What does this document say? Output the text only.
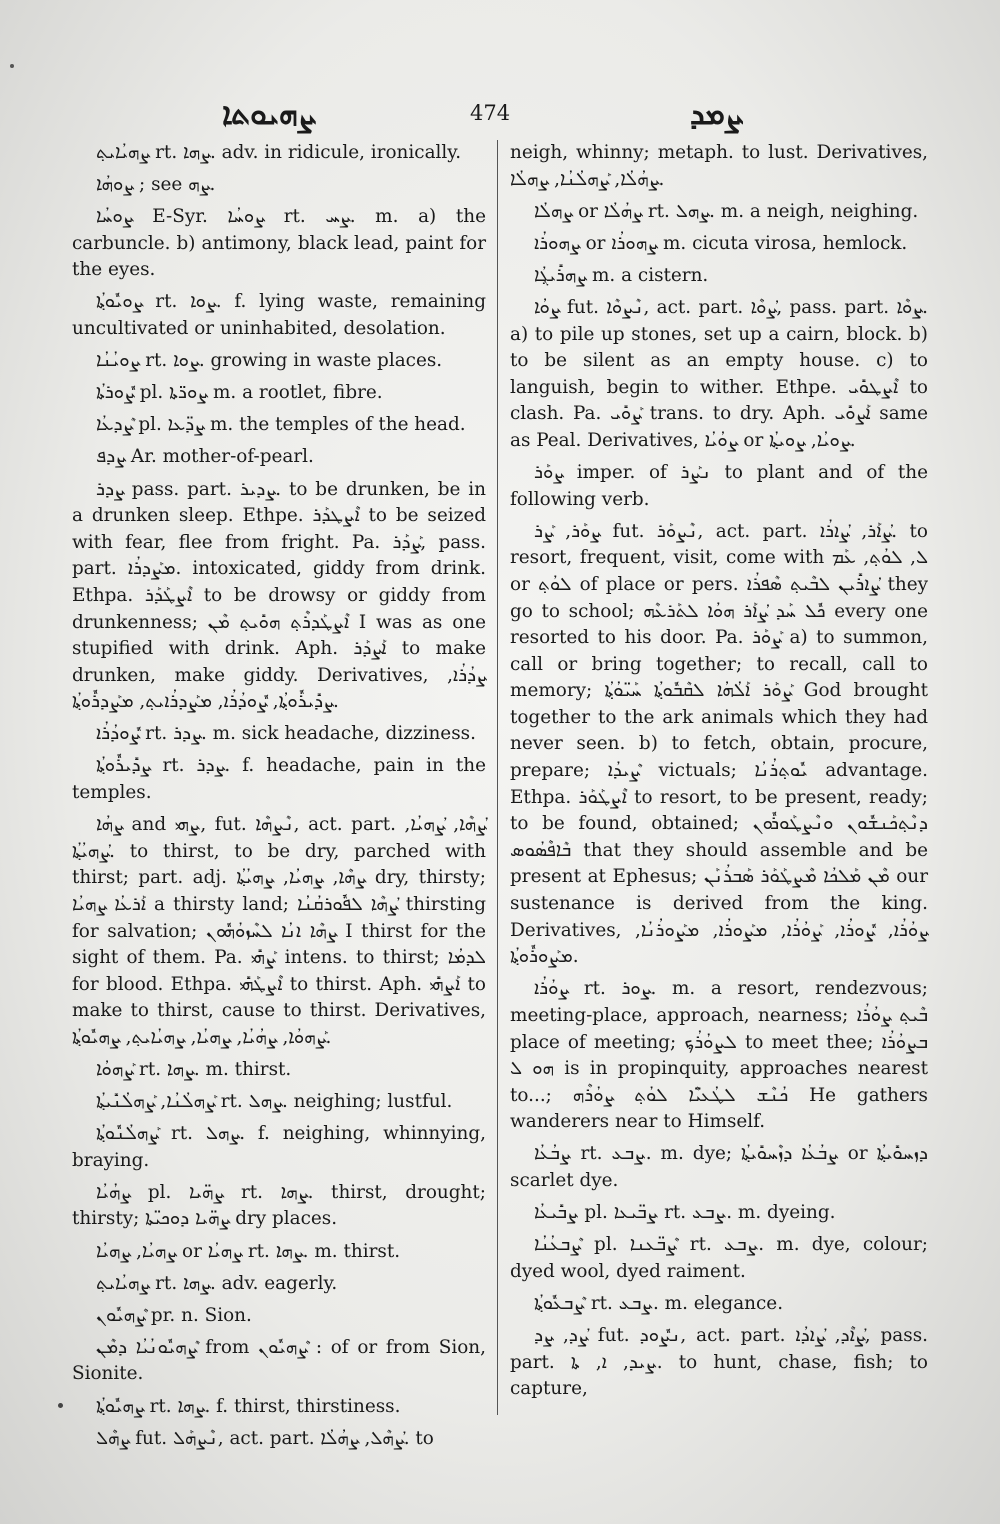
ܨܗܝܘܬܐ	474	ܨܡܕ

ܨܗܝܳܐܝܬ݂ rt. ܨܗܐ. adv. in ridicule, ironically.

ܨܘܗܳܐ ; see ܨܗ.

ܨܘܚܳܐ E-Syr. ܨܘܚܳܐ rt. ܨܚ. m. a) the carbuncle. b) antimony, black lead, paint for the eyes.

ܨܘܝܽܘܬ݂ܳܐ rt. ܨܘܐ. f. lying waste, remaining uncultivated or uninhabited, desolation.

ܨܘܝܳܢܳܐ rt. ܨܘܐ. growing in waste places.

ܨܽܘܪܬܳܐ pl. ܨܘܪ̈ܬܐ m. a rootlet, fibre.

ܨܶܕܥܳܐ pl. ܨܕ̈ܥܐ m. the temples of the head.

ܨܕܦ Ar. mother-of-pearl.

ܨܕܪ pass. part. ܨܕܝܪ. to be drunken, be in a drunken sleep. Ethpe. ܐܶܨܛܕܰܪ to be seized with fear, flee from fright. Pa. ܨܰܕܰܪ, pass. part. ܡܨܰܕܪܳܐ. intoxicated, giddy from drink. Ethpa. ܐܶܨܛܰܕܰܪ to be drowsy or giddy from drunkenness; ܐܶܨܛܰܕܪܶܬ݂ ܗܘܺܝܬ݂ ܡܶܢ I was as one stupified with drink. Aph. ܐܰܨܕܰܪ to make drunken, make giddy. Derivatives, ܨܕܳܪܳܐ, ܨܕܺܝܪܽܘܬ݂ܳܐ, ܨܽܘܕܳܪܳܐ, ܡܨܰܕܪܳܐܝܬ݂, ܡܨܰܕܪܽܘܬ݂ܳܐ.

ܨܽܘܕܳܪܳܐ rt. ܨܕܪ. m. sick headache, dizziness.

ܨܕܺܝܪܽܘܬ݂ܳܐ rt. ܨܕܪ. f. headache, pain in the temples.

ܨܗܳܐ and ܨܗܝ, fut. ܢܶܨܗܶܐ, act. part. ܨܳܗܶܐ, ܨܳܗܝܳܐ, ܨܳܗܝܳܬ݂ܳܐ. to thirst, to be dry, parched with thirst; part. adj. ܨܗܶܐ, ܨܗܝܳܐ, ܨܗܝܳܬ݂ܳܐ dry, thirsty; ܐܰܪܥܳܐ ܨܗܝܳܐ a thirsty land; ܨܳܗܶܐ ܠܦܽܘܪܩܳܢܳܐ thirsting for salvation; ܨܗܶܐ ܐܢܳܐ ܠܚܶܙܘܳܗܽܘܢ I thirst for the sight of them. Pa. ܨܰܗܺܝ intens. to thirst; ܠܕܡܳܐ for blood. Ethpa. ܐܶܨܛܰܗܺܝ to thirst. Aph. ܐܰܨܗܺܝ to make to thirst, cause to thirst. Derivatives, ܨܰܗܘܳܐ, ܨܗܳܝܳܐ, ܨܗܝܳܐ, ܨܗܝܳܐܝܬ݂, ܨܗܝܽܘܬ݂ܳܐ.

ܨܰܗܘܳܐ rt. ܨܗܐ. m. thirst.

ܨܰܗܠܳܢܳܐ, ܨܰܗܠܳܢܺܝܬ݂ܳܐ rt. ܨܗܠ. neighing; lustful.

ܨܰܗܠܳܢܽܘܬ݂ܳܐ rt. ܨܗܠ. f. neighing, whinnying, braying.

ܨܗܳܝܳܐ pl. ܨܗ̈ܝܐ rt. ܨܗܐ. thirst, drought; thirsty; ܨܗ̈ܝܐ ܕܘܟܝ̈ܬܐ dry places.

ܨܗܝܳܐ, ܨܗܝܳܐ or ܨܗܝܳܐ rt. ܨܗܐ. m. thirst.

ܨܗܝܳܐܝܬ݂ rt. ܨܗܐ. adv. eagerly.

ܨܶܗܝܽܘܢ pr. n. Sion.

ܨܶܗܝܽܘܢܳܝܳܐ ܕܡܶܢ from ܨܶܗܝܽܘܢ : of or from Sion, Sionite.

ܨܗܝܽܘܬ݂ܳܐ rt. ܨܗܐ. f. thirst, thirstiness.

ܨܗܶܠ fut. ܢܶܨܗܰܠ, act. part. ܨܳܗܶܠ, ܨܗܳܠܳܐ. to

neigh, whinny; metaph. to lust. Derivatives, ܨܗܳܠܳܐ, ܨܰܗܠܳܢܳܐ, ܨܗܠܳܐ.

ܨܗܠܳܐ or ܨܗܳܠܳܐ rt. ܨܗܠ. m. a neigh, neighing.

ܨܗܘܪܳܐ or ܨܗܘܪܳܐ m. cicuta virosa, hemlock.

ܨܗܪܺܝܓ݂ܳܐ m. a cistern.

ܨܘܳܐ fut. ܢܶܨܘܶܐ, act. part. ܨܳܘܶܐ, pass. part. ܨܘܶܐ. a) to pile up stones, set up a cairn, block. b) to be silent as an empty house. c) to languish, begin to wither. Ethpe. ܐܶܨܛܘܺܝ to clash. Pa. ܨܰܘܺܝ trans. to dry. Aph. ܐܰܨܘܺܝ same as Peal. Derivatives, ܨܘܳܝܳܐ or ܨܘܝܳܐ, ܨܘܝܬ݂ܳܐ.

ܨܘܰܪ imper. of ܢܨܰܪ to plant and of the following verb.

ܨܘܰܪ, ܨܰܪ fut. ܢܶܨܘܰܪ, act. part. ܨܳܐܰܪ, ܨܳܐܪܳܐ. to resort, frequent, visit, come with ܠ, ܠܘܳܬ݂, ܥܰܡ or ܠܘܳܬ݂ of place or pers. ܨܳܐܪܺܝܢ ܠܒܶܝܬ݂ ܣܶܦܪܳܐ they go to school; ܟܽܠ ܚܰܕ ܨܳܐܰܪ ܗܘܳܐ ܠܬܰܪܥܶܗ every one resorted to his door. Pa. ܨܰܘܰܪ a) to summon, call or bring together; to recall, call to memory; ܨܰܘܰܪ ܐܰܠܳܗܳܐ ܠܩܶܒܽܘܬ݂ܳܐ ܚܰܝ̈ܘܳܬ݂ܳܐ God brought together to the ark animals which they had never seen. b) to fetch, obtain, procure, prepare; ܨܶܝܕܳܐ victuals; ܝܽܘܬ݂ܪܳܢܳܐ advantage. Ethpa. ܐܶܨܛܰܘܰܪ to resort, to be present, ready; to be found, obtained; ܕܢܶܬ݂ܟܰܢܫܽܘܢ ܘܢܶܨܛܰܘܪܽܘܢ ܒܶܐܦܶܣܳܘܣ that they should assemble and be present at Ephesus; ܡܶܢ ܡܰܠܟܳܐ ܡܶܨܛܰܘܰܪ ܣܰܒܪܳܢܰܢ our sustenance is derived from the king. Derivatives, ܨܘܳܪܳܐ, ܨܽܘܪܳܐ, ܨܰܘܳܪܳܐ, ܡܨܰܘܪܳܐ, ܡܨܰܘܪܳܢܳܐ, ܡܨܰܘܪܽܘܬ݂ܳܐ.

ܨܘܳܪܳܐ rt. ܨܘܪ. m. a resort, rendezvous; meeting-place, approach, nearness; ܒܶܝܬ݂ ܨܘܳܪܳܐ place of meeting; ܠܨܘܳܪܳܟ݂ to meet thee; ܒܨܘܳܪܳܐ ܗܘ ܠ is in propinquity, approaches nearest to...; ܟܳܢܶܫ ܠܛܳܥܝ̈ܶܐ ܠܘܳܬ݂ ܨܘܳܪܶܗ He gathers wanderers near to Himself.

ܨܒܳܥܳܐ rt. ܨܒܥ. m. dye; ܨܒܳܥܳܐ ܕܙܶܚܘܺܝܬ݂ܳܐ or ܕܙܚܘܺܝܬ݂ܳܐ scarlet dye.

ܨܒܺܝܥܳܐ pl. ܨܒ̈ܝܥܐ rt. ܨܒܥ. m. dyeing.

ܨܶܒܥܳܢܳܐ pl. ܨܶܒ̈ܥܢܐ rt. ܨܒܥ. m. dye, colour; dyed wool, dyed raiment.

ܨܶܒܥܽܘܬ݂ܳܐ rt. ܨܒܥ. m. elegance.

ܨܳܕ, ܨܕ fut. ܢܨܽܘܕ, act. part. ܨܳܐܶܕ, ܨܳܐܕܳܐ, pass. part. ܨܝܕ, ܐ, ܬܐ. to hunt, chase, fish; to capture,
